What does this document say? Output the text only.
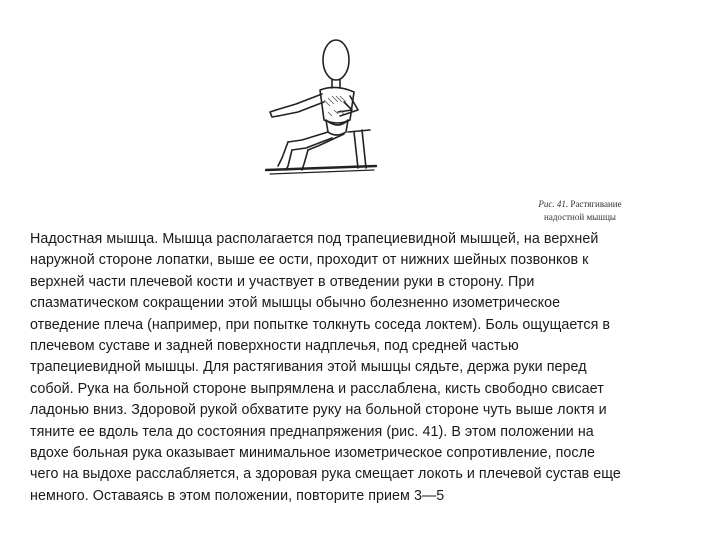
Рис. 41. Растягивание
надостной мышцы
Надостная мышца. Мышца располагается под трапециевидной мышцей, на верхней
наружной стороне лопатки, выше ее ости, проходит от нижних шейных позвонков к
верхней части плечевой кости и участвует в отведении руки в сторону. При
спазматическом сокращении этой мышцы обычно болезненно изометрическое
отведение плеча (например, при попытке толкнуть соседа локтем). Боль ощущается в
плечевом суставе и задней поверхности надплечья, под средней частью
трапециевидной мышцы. Для растягивания этой мышцы сядьте, держа руки перед
собой. Рука на больной стороне выпрямлена и расслаблена, кисть свободно свисает
ладонью вниз. Здоровой рукой обхватите руку на больной стороне чуть выше локтя и
тяните ее вдоль тела до состояния преднапряжения (рис. 41). В этом положении на
вдохе больная рука оказывает минимальное изометрическое сопротивление, после
чего на выдохе расслабляется, а здоровая рука смещает локоть и плечевой сустав еще
немного. Оставаясь в этом положении, повторите прием 3—5
